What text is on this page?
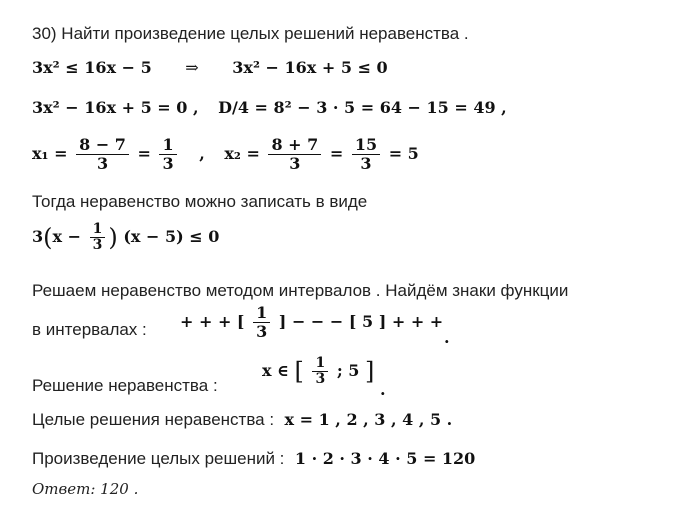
30) Найти произведение целых решений неравенства .
3x² ≤ 16x − 5 ⇒ 3x² − 16x + 5 ≤ 0
3x² − 16x + 5 = 0 , D/4 = 8² − 3 · 5 = 64 − 15 = 49 ,
$x_1 = \frac{8 - 7}{3} = \frac{1}{3}$ , $x_2 = \frac{8 + 7}{3} = \frac{15}{3} = 5$
Тогда неравенство можно записать в виде
$3(x - \frac{1}{3}$ ) (x − 5) ≤ 0
Решаем неравенство методом интервалов . Найдём знаки функции
в интервалах : + + + [ $\frac{1}{3}$ ] − − − [ 5 ] + + +
.
Решение неравенства :
x ∈ [ $\frac{1}{3}$ ; 5 ]
.
Целые решения неравенства : x = 1 , 2 , 3 , 4 , 5 .
Произведение целых решений : 1 · 2 · 3 · 4 · 5 = 120
Ответ: 120 .
